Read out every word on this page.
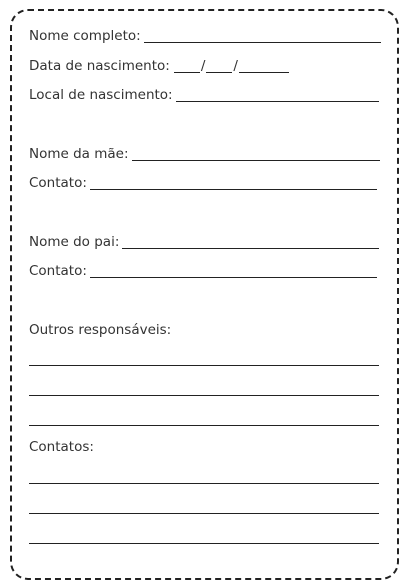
Nome completo:
Data de nascimento: / /
Local de nascimento:
Nome da mãe:
Contato:
Nome do pai:
Contato:
Outros responsáveis:
Contatos:
